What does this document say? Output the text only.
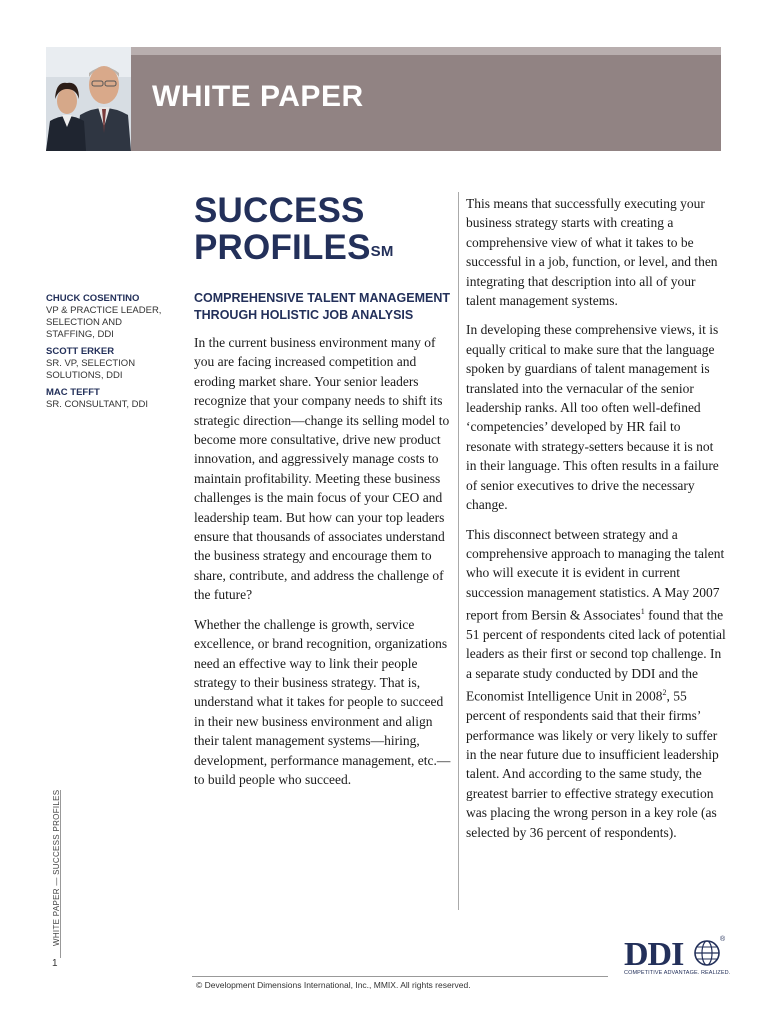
WHITE PAPER
SUCCESS
PROFILES℠
COMPREHENSIVE TALENT MANAGEMENT THROUGH HOLISTIC JOB ANALYSIS
CHUCK COSENTINO
VP & PRACTICE LEADER, SELECTION AND STAFFING, DDI
SCOTT ERKER
SR. VP, SELECTION SOLUTIONS, DDI
MAC TEFFT
SR. CONSULTANT, DDI

In the current business environment many of you are facing increased competition and eroding market share. Your senior leaders recognize that your company needs to shift its strategic direction—change its selling model to become more consultative, drive new product innovation, and aggressively manage costs to maintain profitability. Meeting these business challenges is the main focus of your CEO and leadership team. But how can your top leaders ensure that thousands of associates understand the business strategy and encourage them to share, contribute, and address the challenge of the future?

Whether the challenge is growth, service excellence, or brand recognition, organizations need an effective way to link their people strategy to their business strategy. That is, understand what it takes for people to succeed in their new business environment and align their talent management systems—hiring, development, performance management, etc.—to build people who succeed.

This means that successfully executing your business strategy starts with creating a comprehensive view of what it takes to be successful in a job, function, or level, and then integrating that description into all of your talent management systems.

In developing these comprehensive views, it is equally critical to make sure that the language spoken by guardians of talent management is translated into the vernacular of the senior leadership ranks. All too often well-defined ‘competencies’ developed by HR fail to resonate with strategy-setters because it is not in their language. This often results in a failure of senior executives to drive the necessary change.

This disconnect between strategy and a comprehensive approach to managing the talent who will execute it is evident in current succession management statistics. A May 2007 report from Bersin & Associates$^1$ found that the 51 percent of respondents cited lack of potential leaders as their first or second top challenge. In a separate study conducted by DDI and the Economist Intelligence Unit in 2008$^2$, 55 percent of respondents said that their firms’ performance was likely or very likely to suffer in the near future due to insufficient leadership talent. And according to the same study, the greatest barrier to effective strategy execution was placing the wrong person in a key role (as selected by 36 percent of respondents).

WHITE PAPER — SUCCESS PROFILES
1
© Development Dimensions International, Inc., MMIX. All rights reserved.
DDI	®
COMPETITIVE ADVANTAGE. REALIZED.
